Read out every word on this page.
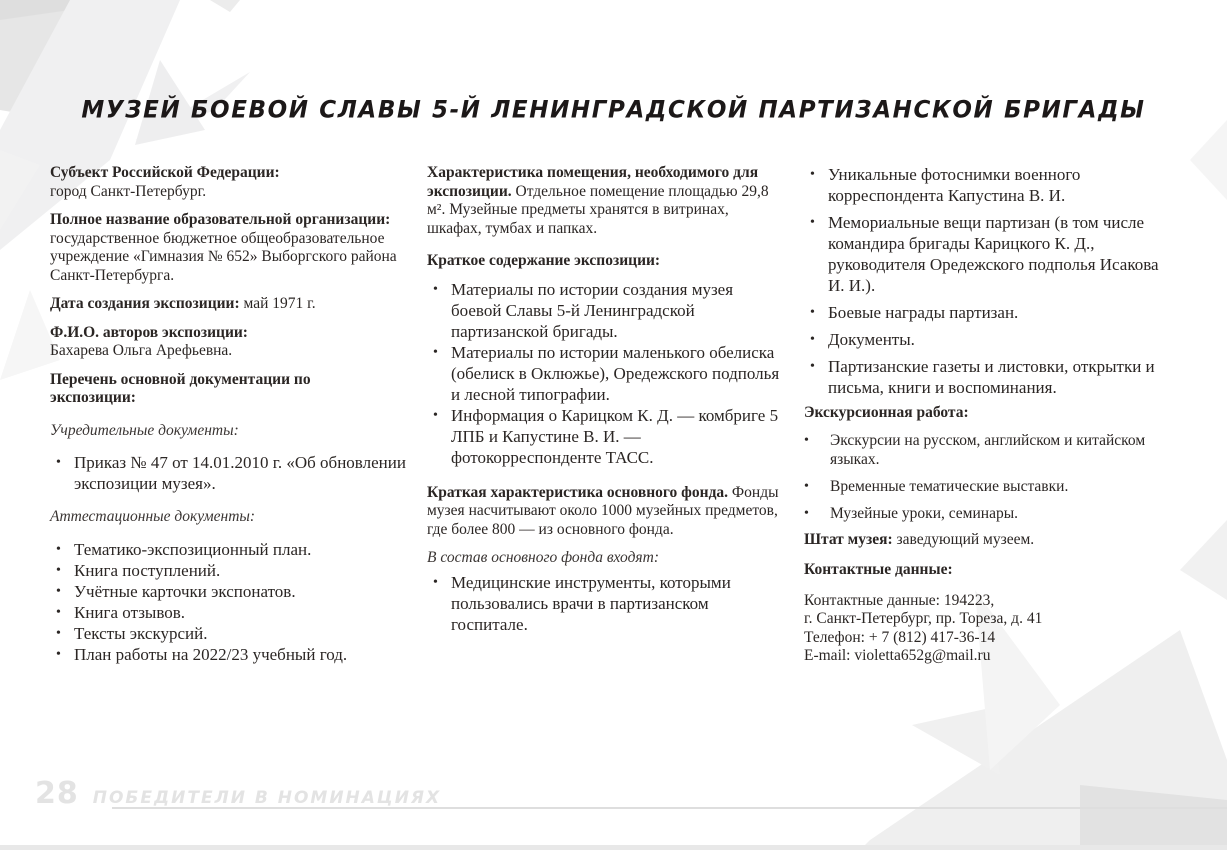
МУЗЕЙ БОЕВОЙ СЛАВЫ 5-Й ЛЕНИНГРАДСКОЙ ПАРТИЗАНСКОЙ БРИГАДЫ
Субъект Российской Федерации:
город Санкт-Петербург.
Полное название образовательной организации: государственное бюджетное общеобразовательное учреждение «Гимназия № 652» Выборгского района Санкт-Петербурга.
Дата создания экспозиции: май 1971 г.
Ф.И.О. авторов экспозиции:
Бахарева Ольга Арефьевна.
Перечень основной документации по экспозиции:
Учредительные документы:
• Приказ № 47 от 14.01.2010 г. «Об обновлении экспозиции музея».
Аттестационные документы:
• Тематико-экспозиционный план.
• Книга поступлений.
• Учётные карточки экспонатов.
• Книга отзывов.
• Тексты экскурсий.
• План работы на 2022/23 учебный год.
Характеристика помещения, необходимого для экспозиции. Отдельное помещение площадью 29,8 м². Музейные предметы хранятся в витринах, шкафах, тумбах и папках.
Краткое содержание экспозиции:
• Материалы по истории создания музея боевой Славы 5-й Ленинградской партизанской бригады.
• Материалы по истории маленького обелиска (обелиск в Оклюжье), Оредежского подполья и лесной типографии.
• Информация о Карицком К. Д. — комбриге 5 ЛПБ и Капустине В. И. — фотокорреспонденте ТАСС.
Краткая характеристика основного фонда. Фонды музея насчитывают около 1000 музейных предметов, где более 800 — из основного фонда.
В состав основного фонда входят:
• Медицинские инструменты, которыми пользовались врачи в партизанском госпитале.
• Уникальные фотоснимки военного корреспондента Капустина В. И.
• Мемориальные вещи партизан (в том числе командира бригады Карицкого К. Д., руководителя Оредежского подполья Исакова И. И.).
• Боевые награды партизан.
• Документы.
• Партизанские газеты и листовки, открытки и письма, книги и воспоминания.
Экскурсионная работа:
• Экскурсии на русском, английском и китайском языках.
• Временные тематические выставки.
• Музейные уроки, семинары.
Штат музея: заведующий музеем.
Контактные данные:
Контактные данные: 194223,
г. Санкт-Петербург, пр. Тореза, д. 41
Телефон: + 7 (812) 417-36-14
E-mail: violetta652g@mail.ru
28 ПОБЕДИТЕЛИ В НОМИНАЦИЯХ
